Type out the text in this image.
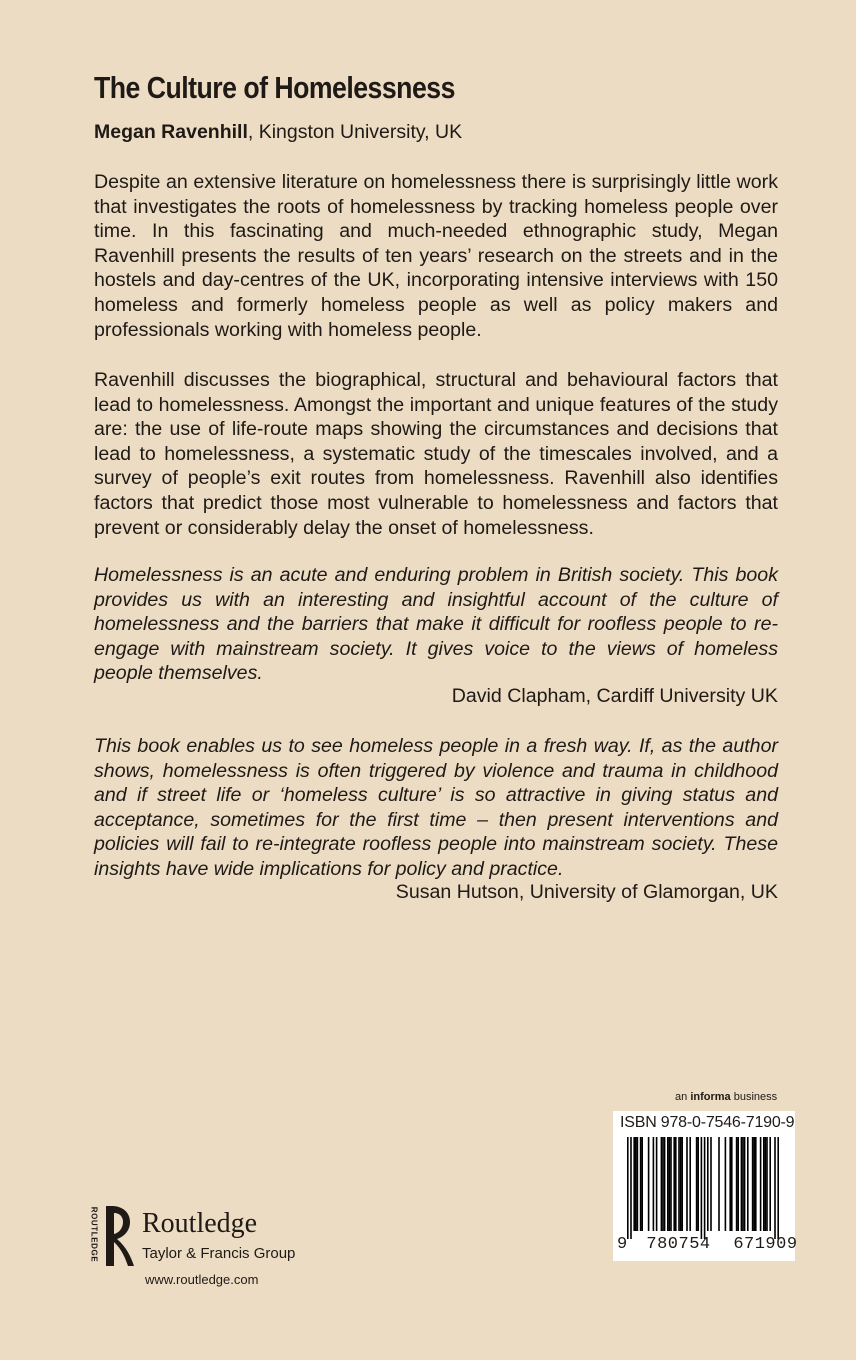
The Culture of Homelessness
Megan Ravenhill, Kingston University, UK
Despite an extensive literature on homelessness there is surprisingly little work that investigates the roots of homelessness by tracking homeless people over time. In this fascinating and much-needed ethnographic study, Megan Ravenhill presents the results of ten years’ research on the streets and in the hostels and day-centres of the UK, incorporating intensive interviews with 150 homeless and formerly homeless people as well as policy makers and professionals working with homeless people.
Ravenhill discusses the biographical, structural and behavioural factors that lead to homelessness. Amongst the important and unique features of the study are: the use of life-route maps showing the circumstances and decisions that lead to homelessness, a systematic study of the timescales involved, and a survey of people’s exit routes from homelessness. Ravenhill also identifies factors that predict those most vulnerable to homelessness and factors that prevent or considerably delay the onset of homelessness.
Homelessness is an acute and enduring problem in British society. This book provides us with an interesting and insightful account of the culture of homelessness and the barriers that make it difficult for roofless people to re-engage with mainstream society. It gives voice to the views of homeless people themselves.
David Clapham, Cardiff University UK
This book enables us to see homeless people in a fresh way. If, as the author shows, homelessness is often triggered by violence and trauma in childhood and if street life or ‘homeless culture’ is so attractive in giving status and acceptance, sometimes for the first time – then present interventions and policies will fail to re-integrate roofless people into mainstream society. These insights have wide implications for policy and practice.
Susan Hutson, University of Glamorgan, UK
an informa business
ISBN 978-0-7546-7190-9
9 780754 671909
ROUTLEDGE Routledge
Taylor & Francis Group
www.routledge.com
